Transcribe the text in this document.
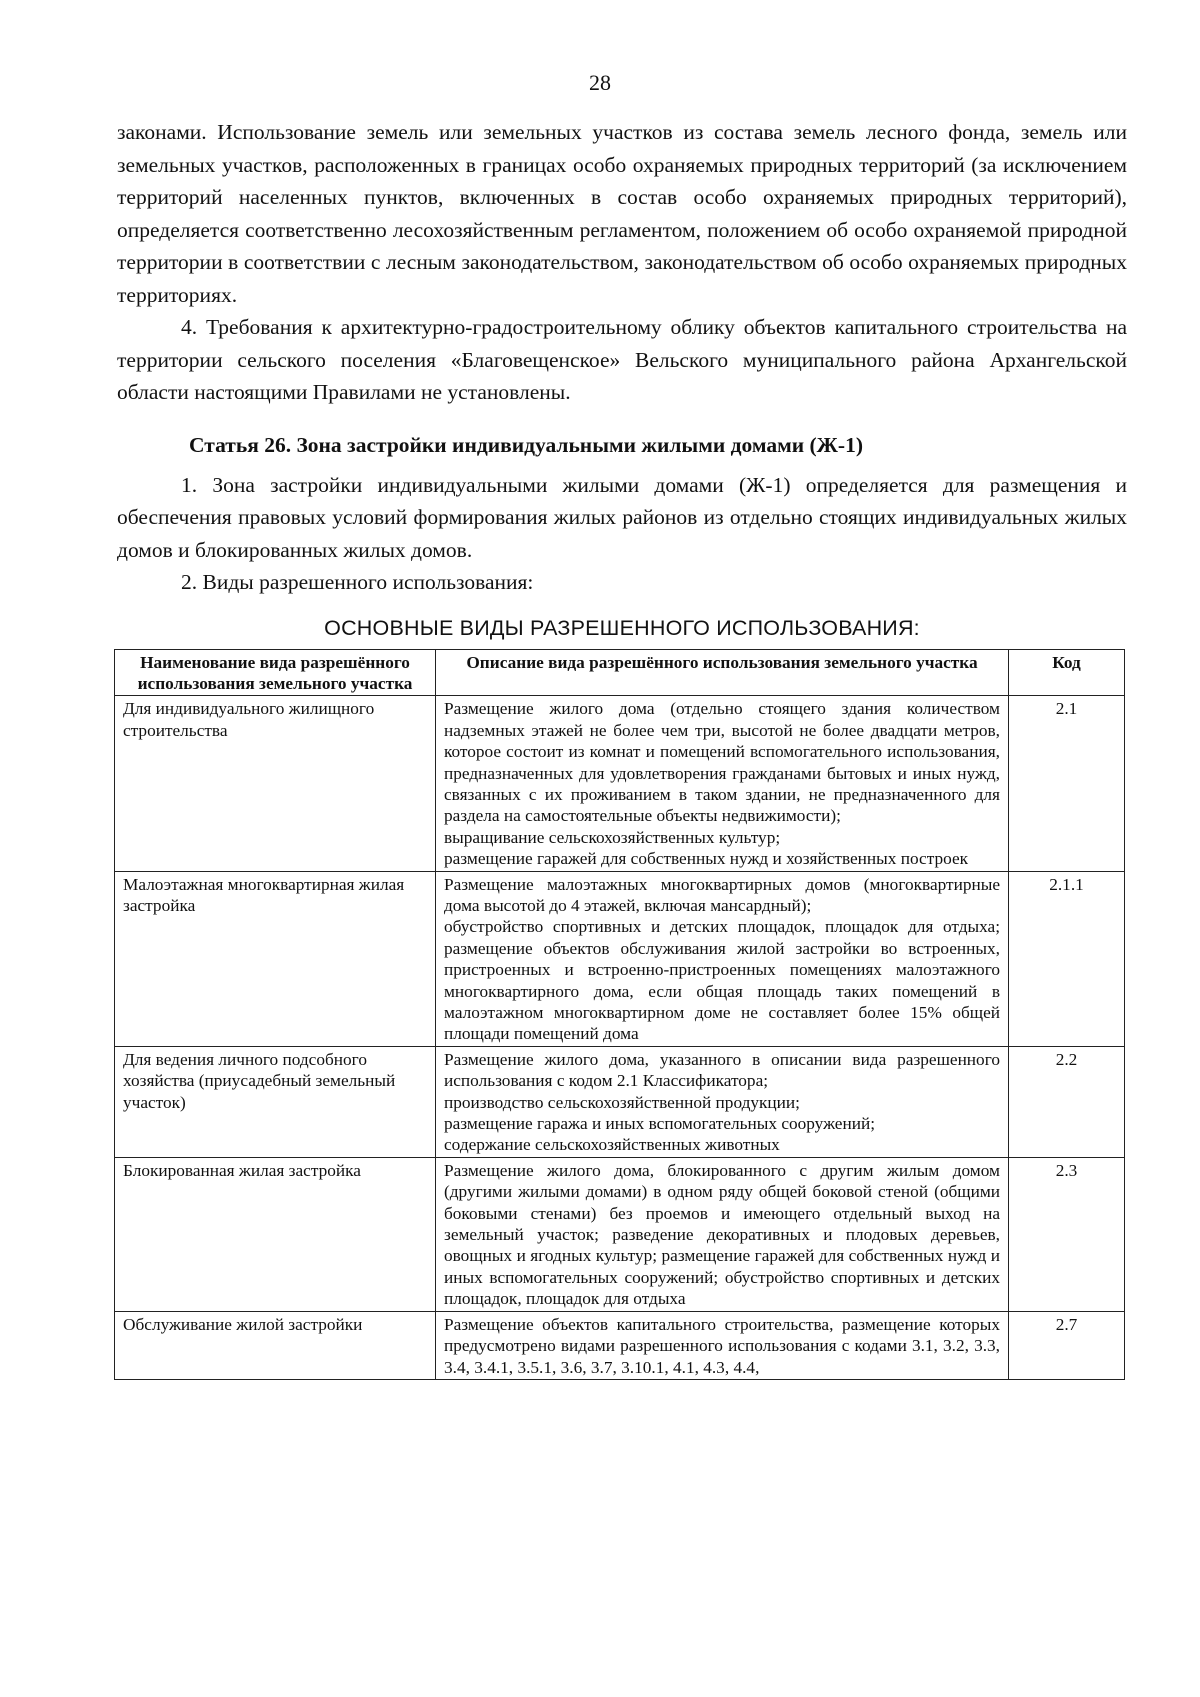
28

законами. Использование земель или земельных участков из состава земель лесного фонда, земель или земельных участков, расположенных в границах особо охраняемых природных территорий (за исключением территорий населенных пунктов, включенных в состав особо охраняемых природных территорий), определяется соответственно лесохозяйственным регламентом, положением об особо охраняемой природной территории в соответствии с лесным законодательством, законодательством об особо охраняемых природных территориях.

4. Требования к архитектурно-градостроительному облику объектов капитального строительства на территории сельского поселения «Благовещенское» Вельского муниципального района Архангельской области настоящими Правилами не установлены.

Статья 26. Зона застройки индивидуальными жилыми домами (Ж-1)

1. Зона застройки индивидуальными жилыми домами (Ж-1) определяется для размещения и обеспечения правовых условий формирования жилых районов из отдельно стоящих индивидуальных жилых домов и блокированных жилых домов.

2. Виды разрешенного использования:

ОСНОВНЫЕ ВИДЫ РАЗРЕШЕННОГО ИСПОЛЬЗОВАНИЯ:
Наименование вида разрешённого использования земельного участка	Описание вида разрешённого использования земельного участка	Код
Для индивидуального жилищного строительства	Размещение жилого дома (отдельно стоящего здания количеством надземных этажей не более чем три, высотой не более двадцати метров, которое состоит из комнат и помещений вспомогательного использования, предназначенных для удовлетворения гражданами бытовых и иных нужд, связанных с их проживанием в таком здании, не предназначенного для раздела на самостоятельные объекты недвижимости);
выращивание сельскохозяйственных культур;
размещение гаражей для собственных нужд и хозяйственных построек	2.1
Малоэтажная многоквартирная жилая застройка	Размещение малоэтажных многоквартирных домов (многоквартирные дома высотой до 4 этажей, включая мансардный);
обустройство спортивных и детских площадок, площадок для отдыха; размещение объектов обслуживания жилой застройки во встроенных, пристроенных и встроенно-пристроенных помещениях малоэтажного многоквартирного дома, если общая площадь таких помещений в малоэтажном многоквартирном доме не составляет более 15% общей площади помещений дома	2.1.1
Для ведения личного подсобного хозяйства (приусадебный земельный участок)	Размещение жилого дома, указанного в описании вида разрешенного использования с кодом 2.1 Классификатора;
производство сельскохозяйственной продукции;
размещение гаража и иных вспомогательных сооружений;
содержание сельскохозяйственных животных	2.2
Блокированная жилая застройка	Размещение жилого дома, блокированного с другим жилым домом (другими жилыми домами) в одном ряду общей боковой стеной (общими боковыми стенами) без проемов и имеющего отдельный выход на земельный участок; разведение декоративных и плодовых деревьев, овощных и ягодных культур; размещение гаражей для собственных нужд и иных вспомогательных сооружений; обустройство спортивных и детских площадок, площадок для отдыха	2.3
Обслуживание жилой застройки	Размещение объектов капитального строительства, размещение которых предусмотрено видами разрешенного использования с кодами 3.1, 3.2, 3.3, 3.4, 3.4.1, 3.5.1, 3.6, 3.7, 3.10.1, 4.1, 4.3, 4.4,	2.7
